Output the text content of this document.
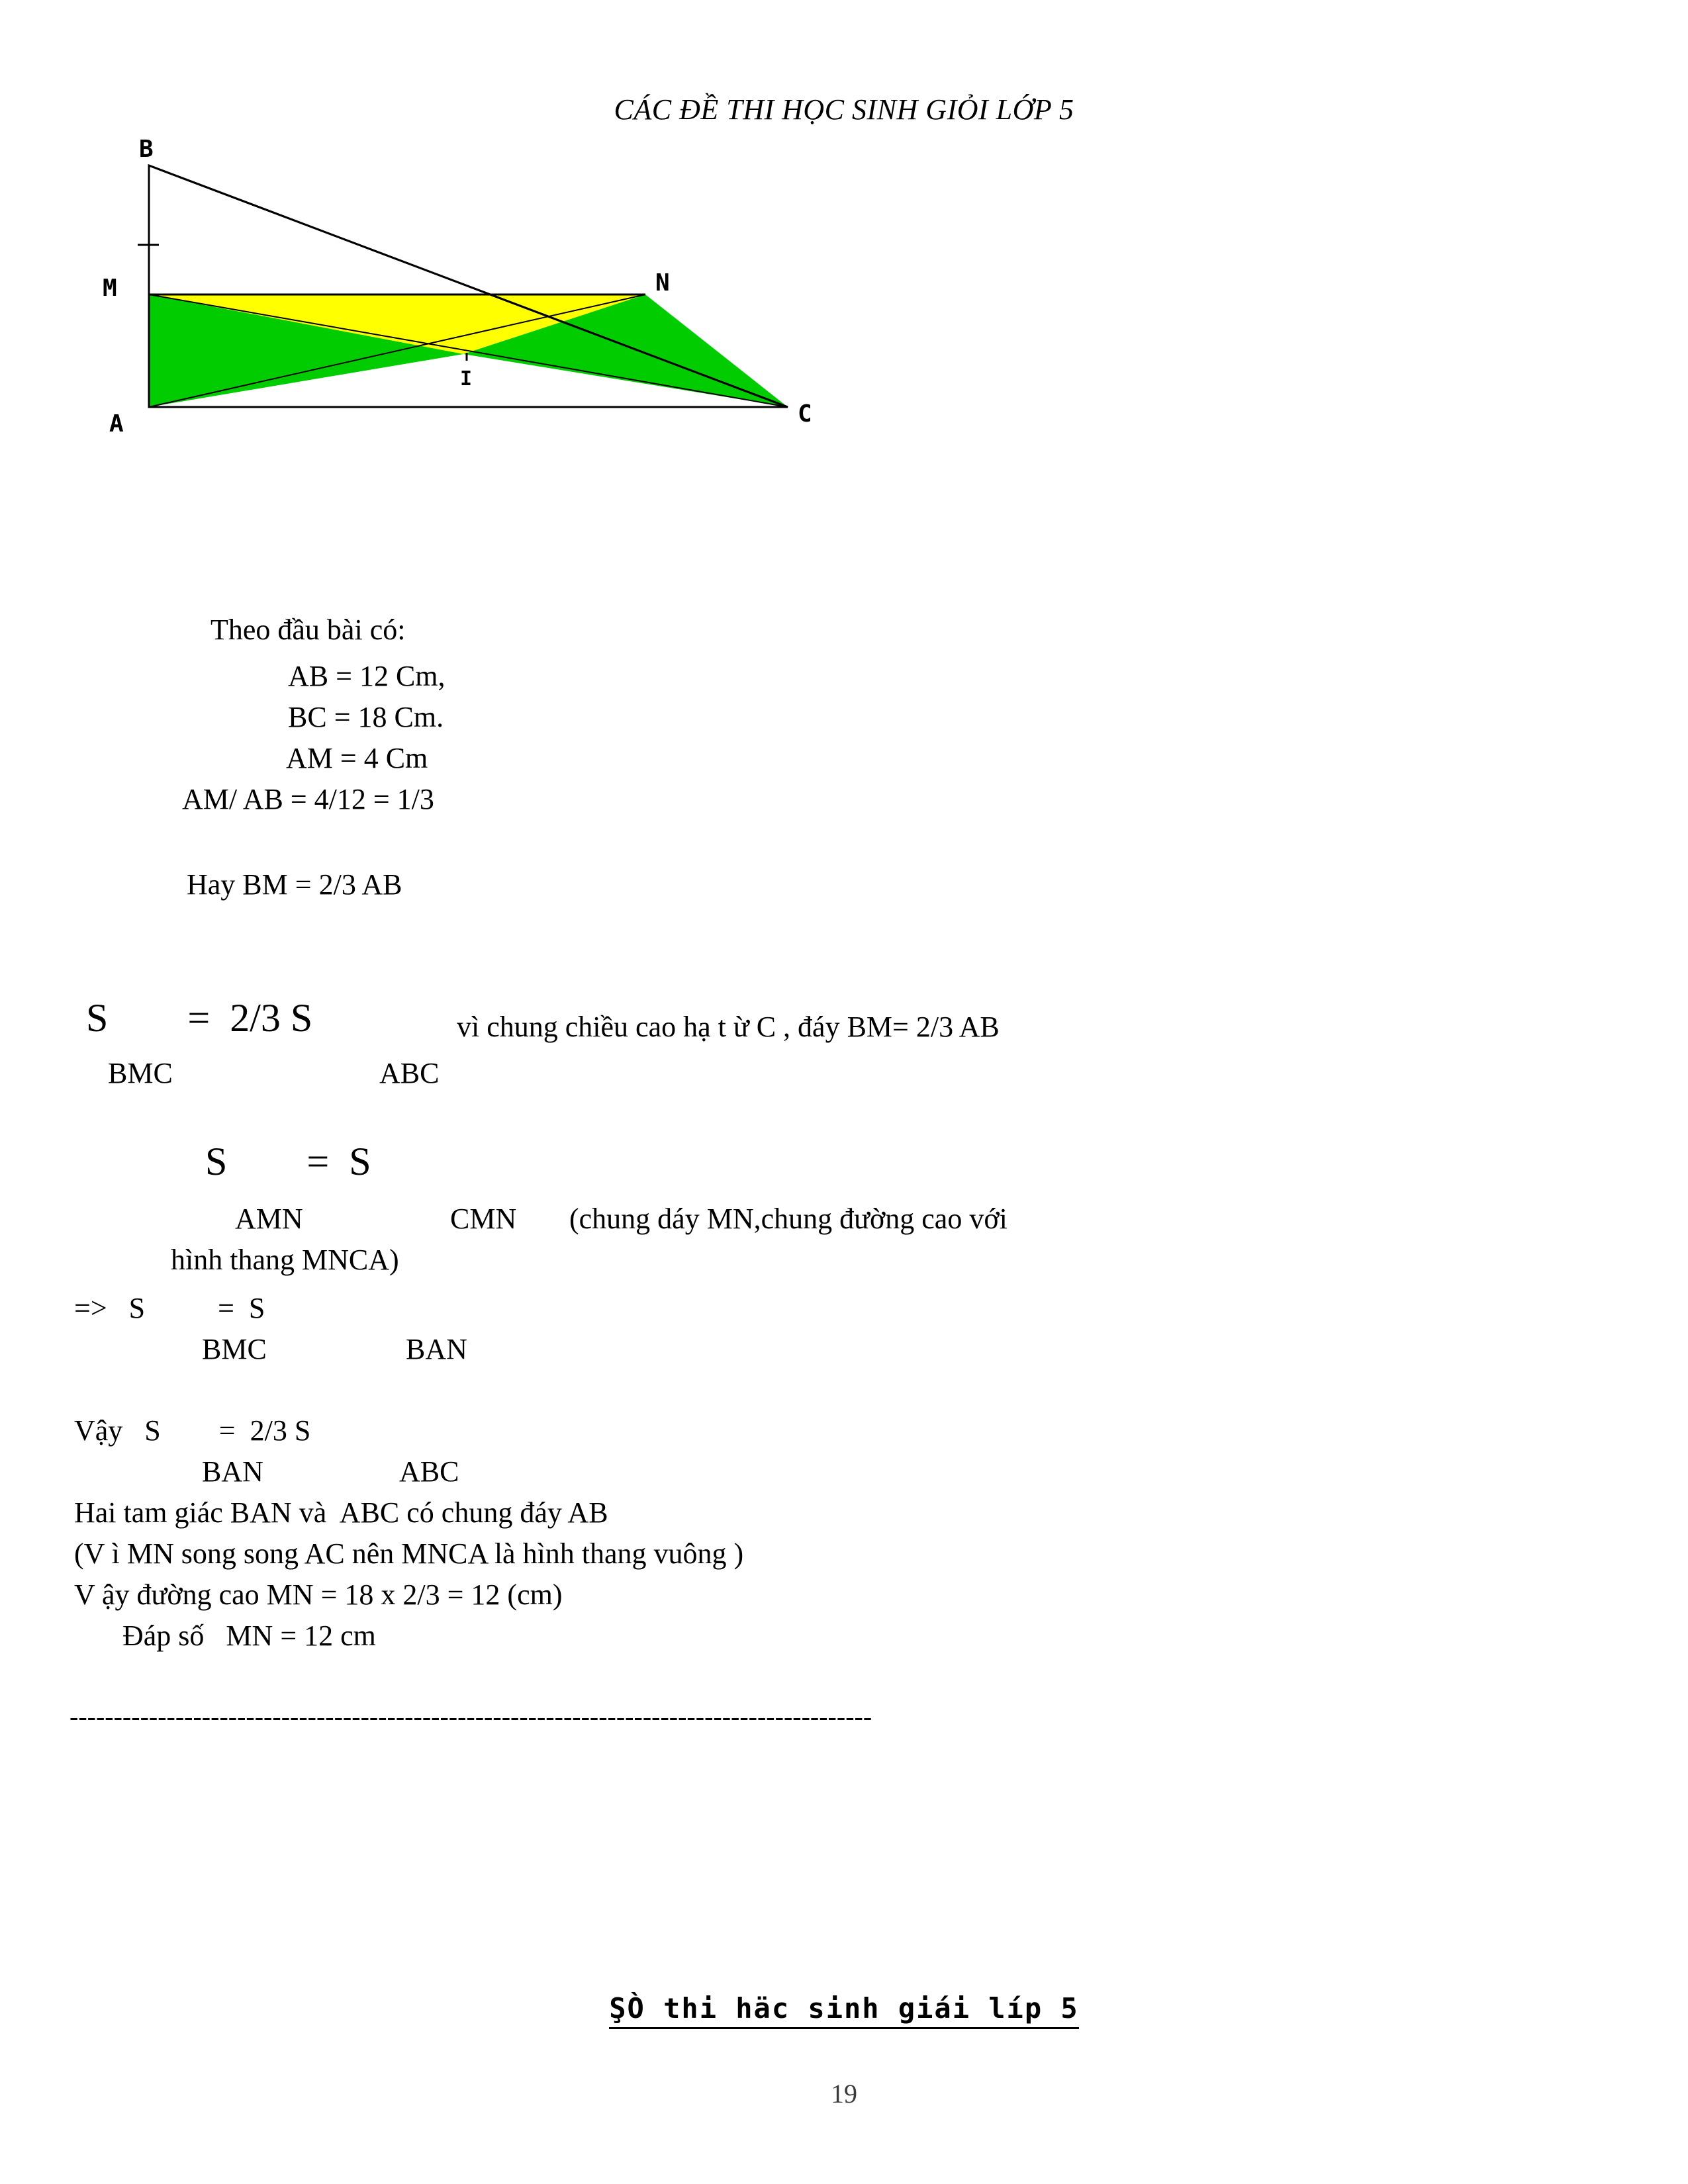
CÁC ĐỀ THI HỌC SINH GIỎI LỚP 5
B
M	N
I
A	C
Theo đầu bài có:
AB = 12 Cm,
BC = 18 Cm.
AM = 4 Cm
AM/ AB = 4/12 = 1/3
Hay BM = 2/3 AB
S        =  2/3 S	vì chung chiều cao hạ t ừ C , đáy BM= 2/3 AB
BMC	ABC
S        =  S
AMN	CMN (chung dáy MN,chung đường cao với
hình thang MNCA)
=>   S          =  S
BMC	BAN
Vậy   S        =  2/3 S
BAN	ABC
Hai tam giác BAN và  ABC có chung đáy AB
(V ì MN song song AC nên MNCA là hình thang vuông )
V ậy đường cao MN = 18 x 2/3 = 12 (cm)
Đáp số   MN = 12 cm
-------------------------------------------------------------------------------------------
ŞÒ thi häc sinh giái líp 5
19
